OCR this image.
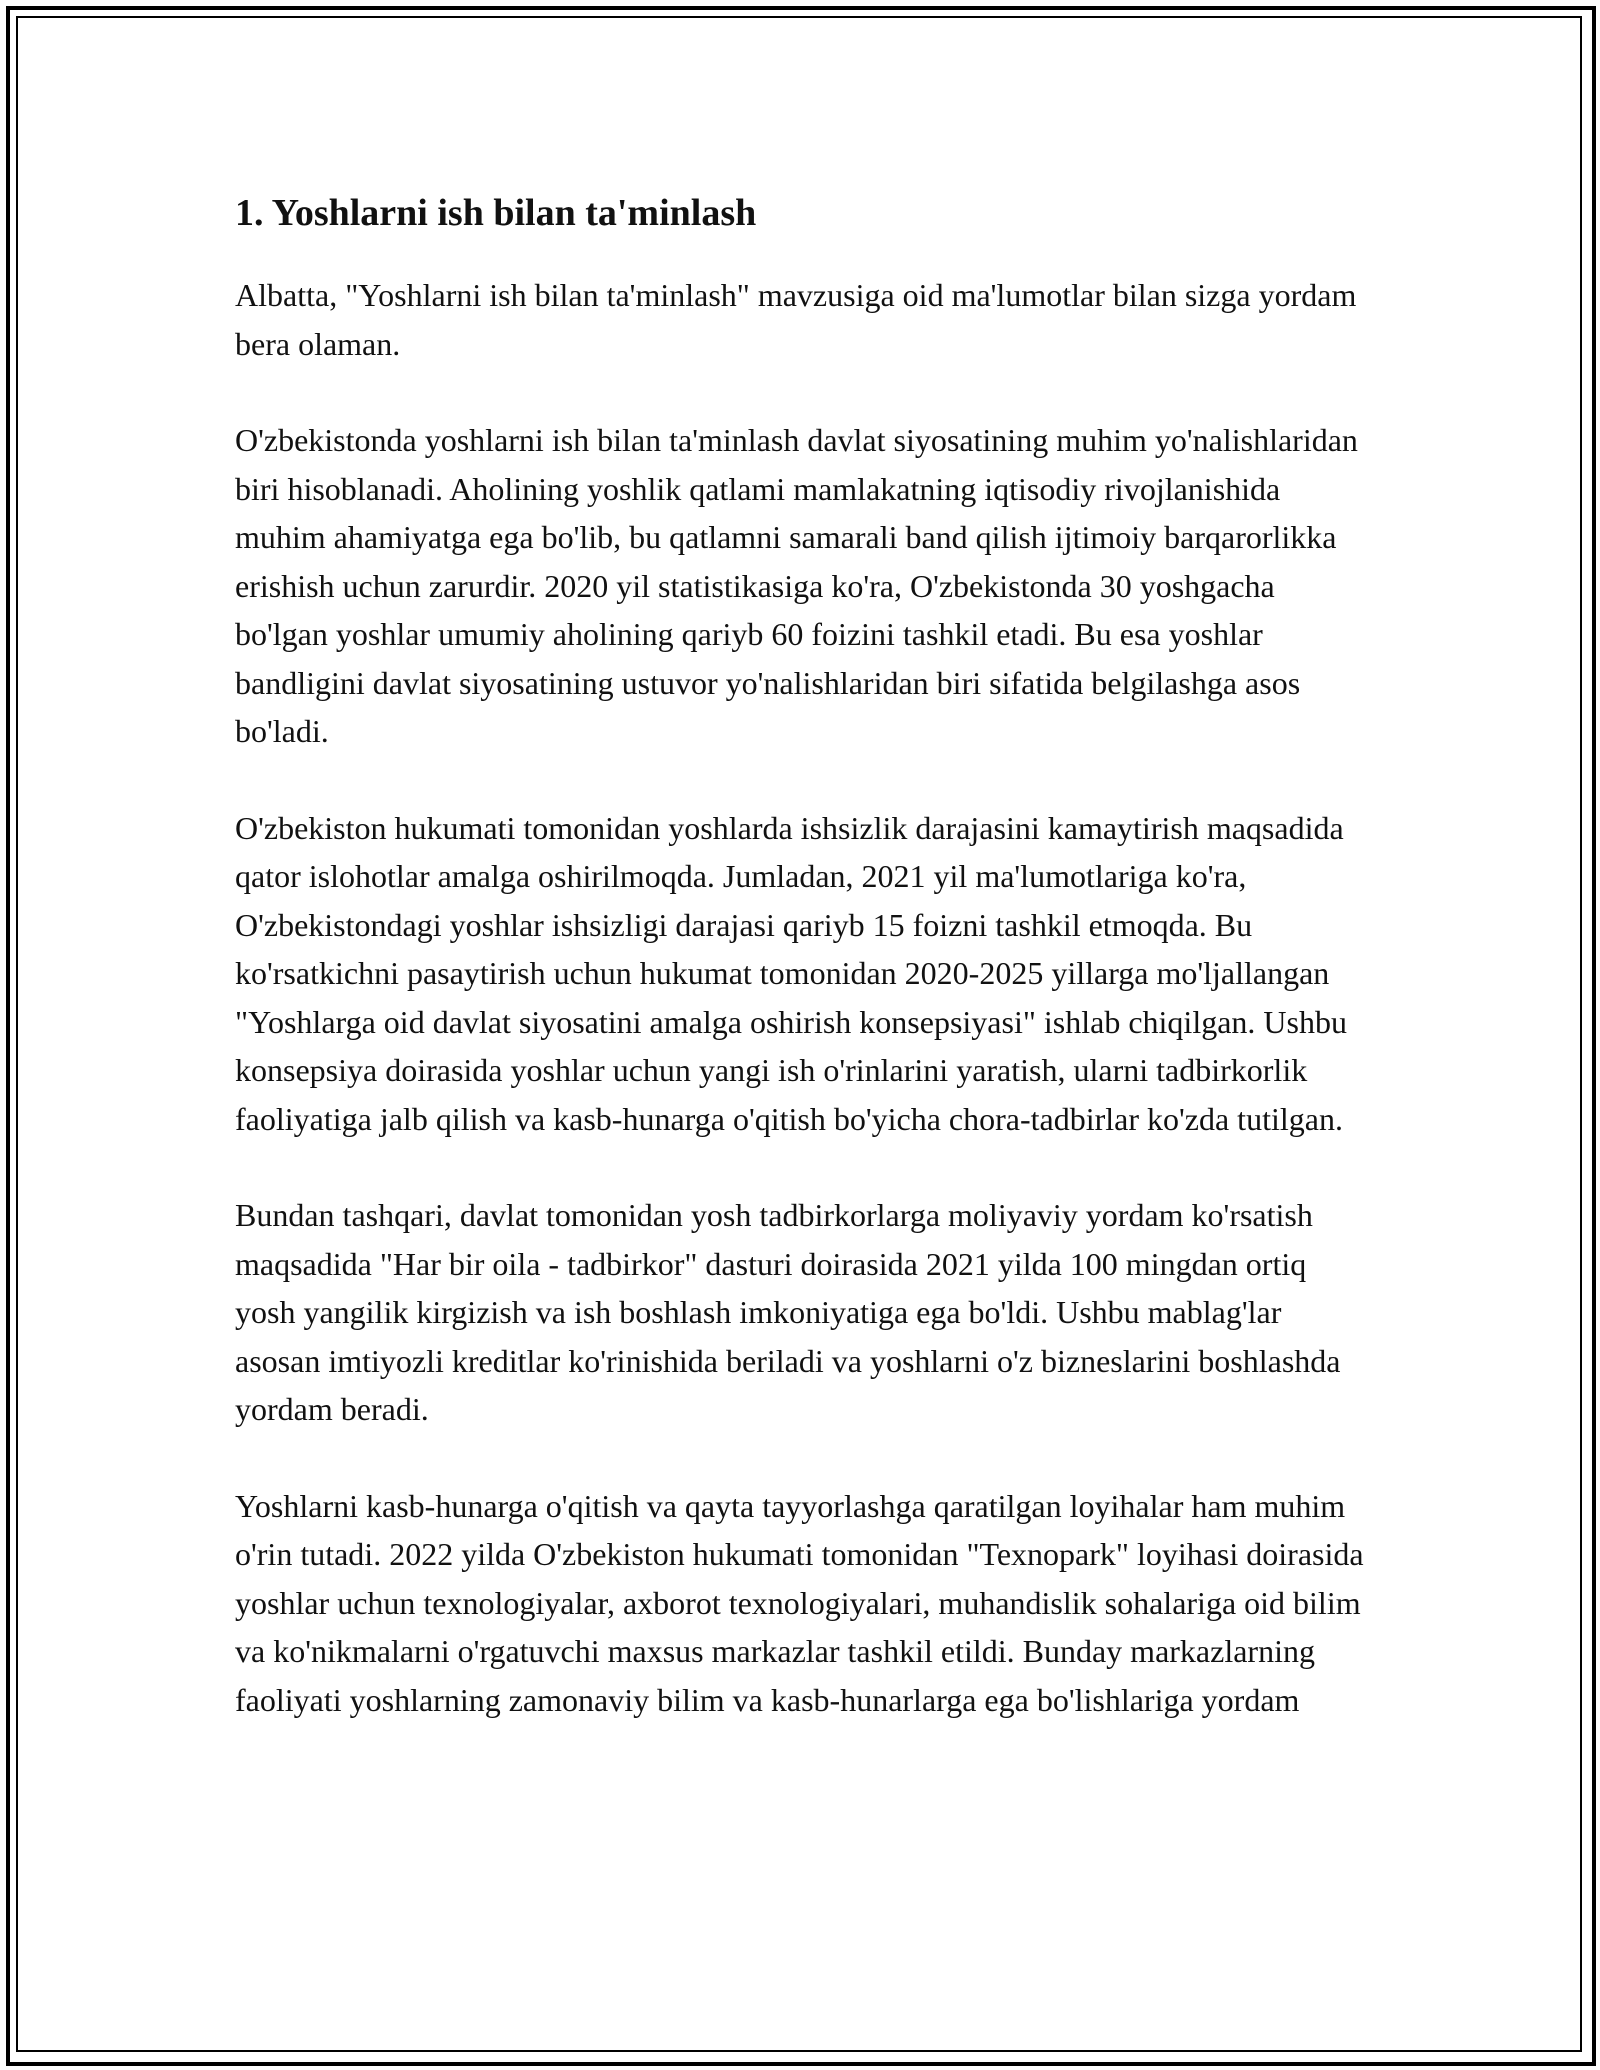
1. Yoshlarni ish bilan ta'minlash

Albatta, "Yoshlarni ish bilan ta'minlash" mavzusiga oid ma'lumotlar bilan sizga yordam bera olaman.

O'zbekistonda yoshlarni ish bilan ta'minlash davlat siyosatining muhim yo'nalishlaridan biri hisoblanadi. Aholining yoshlik qatlami mamlakatning iqtisodiy rivojlanishida muhim ahamiyatga ega bo'lib, bu qatlamni samarali band qilish ijtimoiy barqarorlikka erishish uchun zarurdir. 2020 yil statistikasiga ko'ra, O'zbekistonda 30 yoshgacha bo'lgan yoshlar umumiy aholining qariyb 60 foizini tashkil etadi. Bu esa yoshlar bandligini davlat siyosatining ustuvor yo'nalishlaridan biri sifatida belgilashga asos bo'ladi.

O'zbekiston hukumati tomonidan yoshlarda ishsizlik darajasini kamaytirish maqsadida qator islohotlar amalga oshirilmoqda. Jumladan, 2021 yil ma'lumotlariga ko'ra, O'zbekistondagi yoshlar ishsizligi darajasi qariyb 15 foizni tashkil etmoqda. Bu ko'rsatkichni pasaytirish uchun hukumat tomonidan 2020-2025 yillarga mo'ljallangan "Yoshlarga oid davlat siyosatini amalga oshirish konsepsiyasi" ishlab chiqilgan. Ushbu konsepsiya doirasida yoshlar uchun yangi ish o'rinlarini yaratish, ularni tadbirkorlik faoliyatiga jalb qilish va kasb-hunarga o'qitish bo'yicha chora-tadbirlar ko'zda tutilgan.

Bundan tashqari, davlat tomonidan yosh tadbirkorlarga moliyaviy yordam ko'rsatish maqsadida "Har bir oila - tadbirkor" dasturi doirasida 2021 yilda 100 mingdan ortiq yosh yangilik kirgizish va ish boshlash imkoniyatiga ega bo'ldi. Ushbu mablag'lar asosan imtiyozli kreditlar ko'rinishida beriladi va yoshlarni o'z bizneslarini boshlashda yordam beradi.

Yoshlarni kasb-hunarga o'qitish va qayta tayyorlashga qaratilgan loyihalar ham muhim o'rin tutadi. 2022 yilda O'zbekiston hukumati tomonidan "Texnopark" loyihasi doirasida yoshlar uchun texnologiyalar, axborot texnologiyalari, muhandislik sohalariga oid bilim va ko'nikmalarni o'rgatuvchi maxsus markazlar tashkil etildi. Bunday markazlarning faoliyati yoshlarning zamonaviy bilim va kasb-hunarlarga ega bo'lishlariga yordam
